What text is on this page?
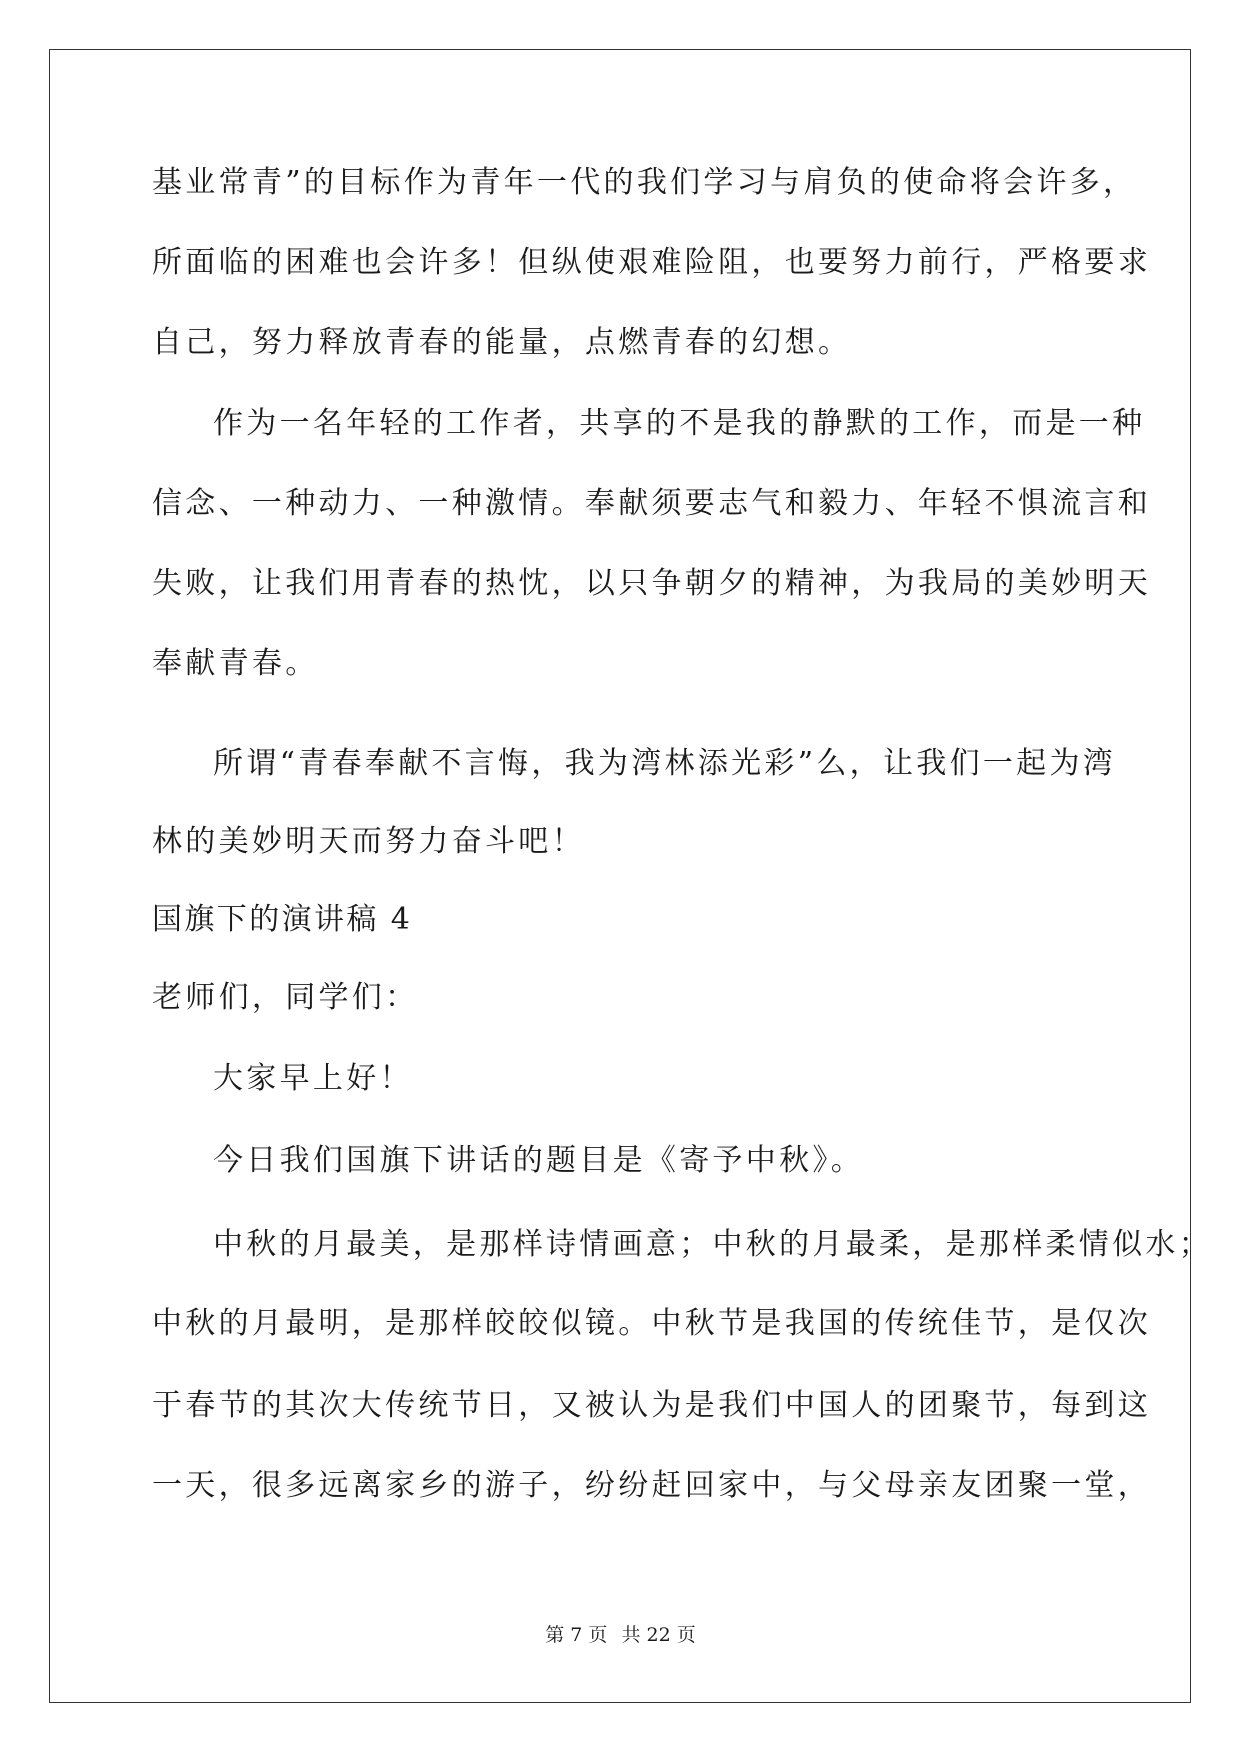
基业常青”的目标作为青年一代的我们学习与肩负的使命将会许多，
所面临的困难也会许多！但纵使艰难险阻，也要努力前行，严格要求
自己，努力释放青春的能量，点燃青春的幻想。
作为一名年轻的工作者，共享的不是我的静默的工作，而是一种
信念、一种动力、一种激情。奉献须要志气和毅力、年轻不惧流言和
失败，让我们用青春的热忱，以只争朝夕的精神，为我局的美妙明天
奉献青春。
所谓“青春奉献不言悔，我为湾林添光彩”么，让我们一起为湾
林的美妙明天而努力奋斗吧！
国旗下的演讲稿 4
老师们，同学们：
大家早上好！
今日我们国旗下讲话的题目是《寄予中秋》。
中秋的月最美，是那样诗情画意；中秋的月最柔，是那样柔情似水；
中秋的月最明，是那样皎皎似镜。中秋节是我国的传统佳节，是仅次
于春节的其次大传统节日，又被认为是我们中国人的团聚节，每到这
一天，很多远离家乡的游子，纷纷赶回家中，与父母亲友团聚一堂，
第 7 页 共 22 页
